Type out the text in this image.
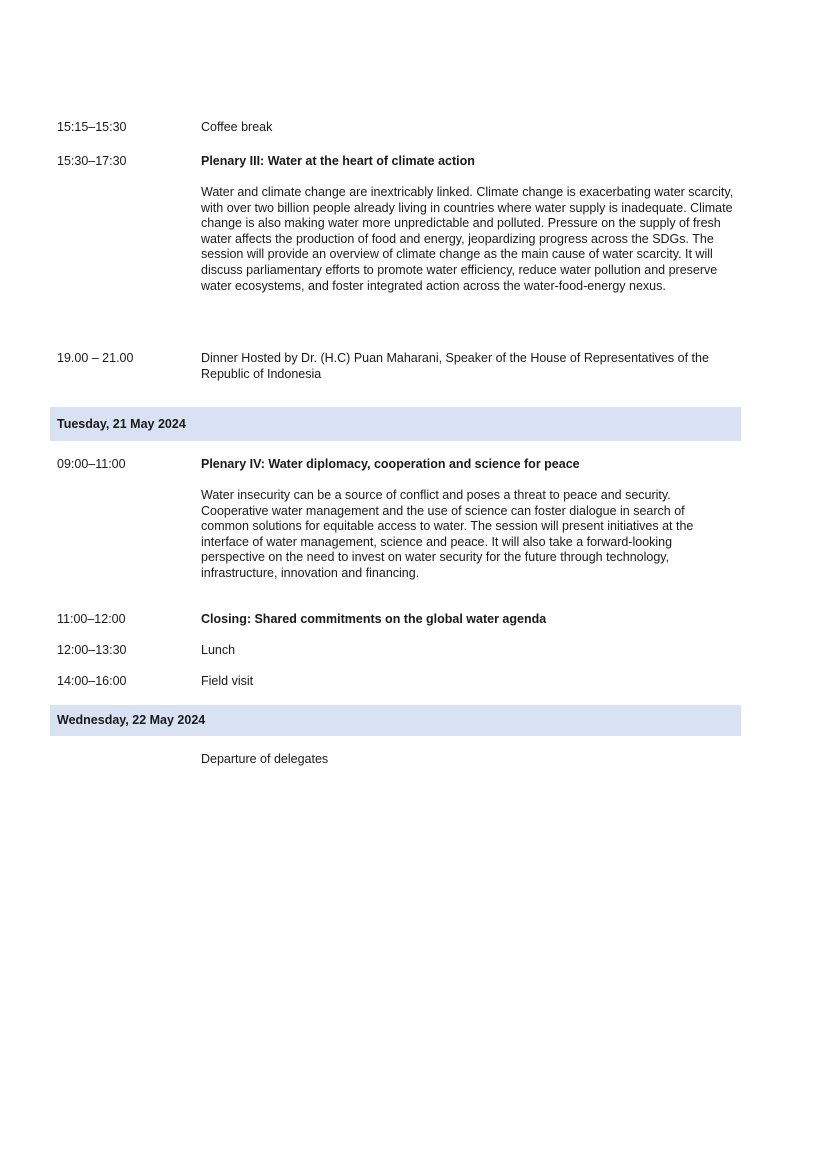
15:15–15:30	Coffee break
15:30–17:30	Plenary III: Water at the heart of climate action
Water and climate change are inextricably linked. Climate change is exacerbating water scarcity, with over two billion people already living in countries where water supply is inadequate. Climate change is also making water more unpredictable and polluted. Pressure on the supply of fresh water affects the production of food and energy, jeopardizing progress across the SDGs. The session will provide an overview of climate change as the main cause of water scarcity. It will discuss parliamentary efforts to promote water efficiency, reduce water pollution and preserve water ecosystems, and foster integrated action across the water-food-energy nexus.
19.00 – 21.00	Dinner Hosted by Dr. (H.C) Puan Maharani, Speaker of the House of Representatives of the Republic of Indonesia
Tuesday, 21 May 2024
09:00–11:00	Plenary IV: Water diplomacy, cooperation and science for peace
Water insecurity can be a source of conflict and poses a threat to peace and security. Cooperative water management and the use of science can foster dialogue in search of common solutions for equitable access to water. The session will present initiatives at the interface of water management, science and peace. It will also take a forward-looking perspective on the need to invest on water security for the future through technology, infrastructure, innovation and financing.
11:00–12:00	Closing: Shared commitments on the global water agenda
12:00–13:30	Lunch
14:00–16:00	Field visit
Wednesday, 22 May 2024
Departure of delegates
